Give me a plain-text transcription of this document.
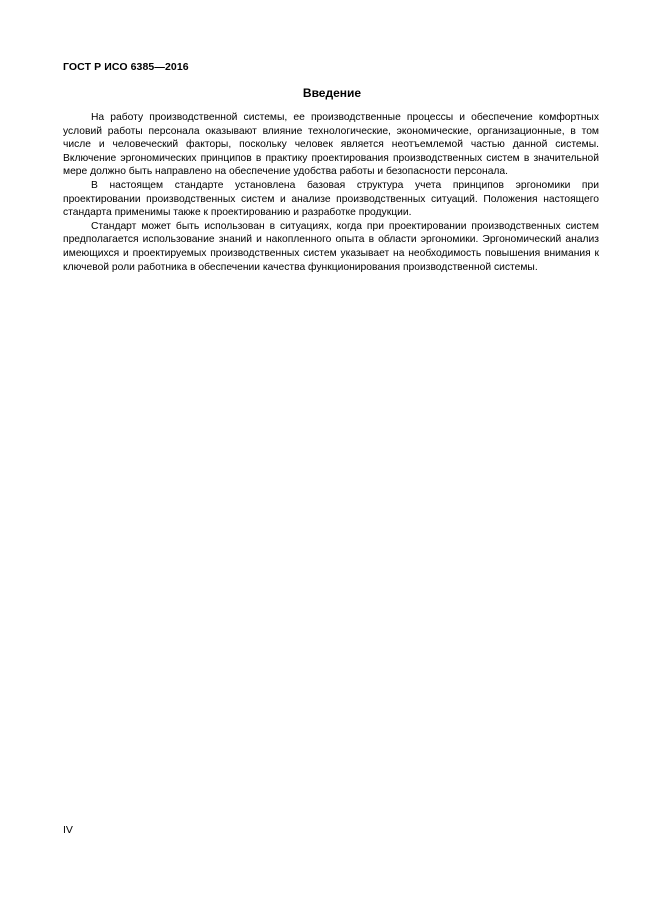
ГОСТ Р ИСО 6385—2016
Введение

На работу производственной системы, ее производственные процессы и обеспечение комфортных условий работы персонала оказывают влияние технологические, экономические, организационные, в том числе и человеческий факторы, поскольку человек является неотъемлемой частью данной системы. Включение эргономических принципов в практику проектирования производственных систем в значительной мере должно быть направлено на обеспечение удобства работы и безопасности персонала.

В настоящем стандарте установлена базовая структура учета принципов эргономики при проектировании производственных систем и анализе производственных ситуаций. Положения настоящего стандарта применимы также к проектированию и разработке продукции.

Стандарт может быть использован в ситуациях, когда при проектировании производственных систем предполагается использование знаний и накопленного опыта в области эргономики. Эргономический анализ имеющихся и проектируемых производственных систем указывает на необходимость повышения внимания к ключевой роли работника в обеспечении качества функционирования производственной системы.

IV
